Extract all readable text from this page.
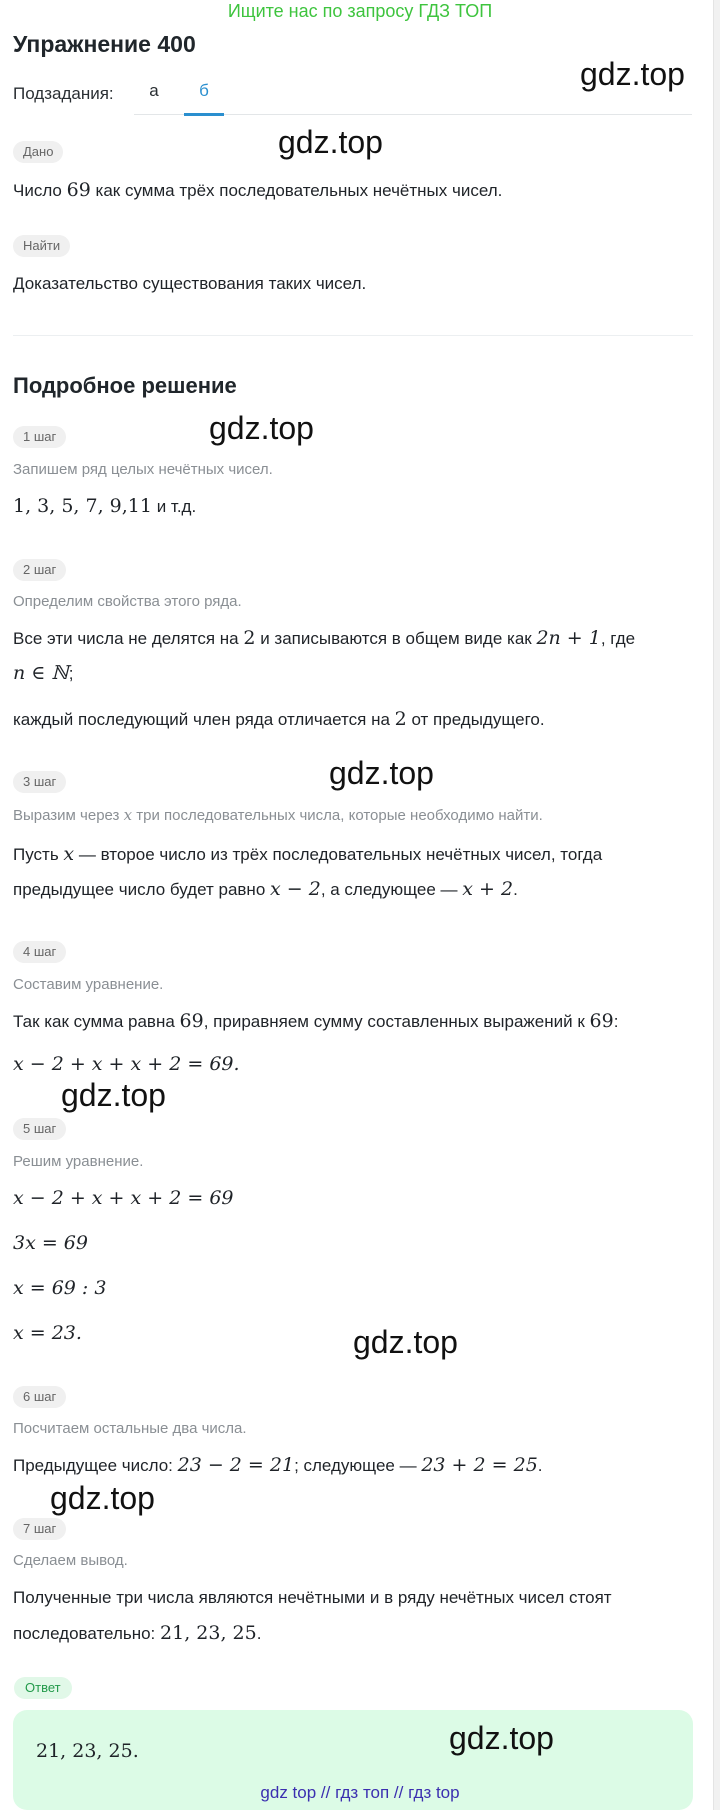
Ищите нас по запросу ГДЗ ТОП
Упражнение 400
gdz.top
Подзадания:	а	б
Дано	gdz.top
Число 69 как сумма трёх последовательных нечётных чисел.
Найти
Доказательство существования таких чисел.
Подробное решение
1 шаг	gdz.top
Запишем ряд целых нечётных чисел.
1, 3, 5, 7, 9,11 и т.д.
2 шаг
Определим свойства этого ряда.
Все эти числа не делятся на 2 и записываются в общем виде как 2n + 1, где
n ∈ ℕ;
каждый последующий член ряда отличается на 2 от предыдущего.
gdz.top
3 шаг
Выразим через x три последовательных числа, которые необходимо найти.
Пусть x — второе число из трёх последовательных нечётных чисел, тогда
предыдущее число будет равно x − 2, а следующее — x + 2.
4 шаг
Составим уравнение.
Так как сумма равна 69, приравняем сумму составленных выражений к 69:
x − 2 + x + x + 2 = 69.
gdz.top
5 шаг
Решим уравнение.
x − 2 + x + x + 2 = 69
3x = 69
x = 69 : 3
x = 23.	gdz.top
6 шаг
Посчитаем остальные два числа.
Предыдущее число: 23 − 2 = 21; следующее — 23 + 2 = 25.
gdz.top
7 шаг
Сделаем вывод.
Полученные три числа являются нечётными и в ряду нечётных чисел стоят
последовательно: 21, 23, 25.
Ответ
21, 23, 25.	gdz.top
gdz top // гдз топ // гдз top
